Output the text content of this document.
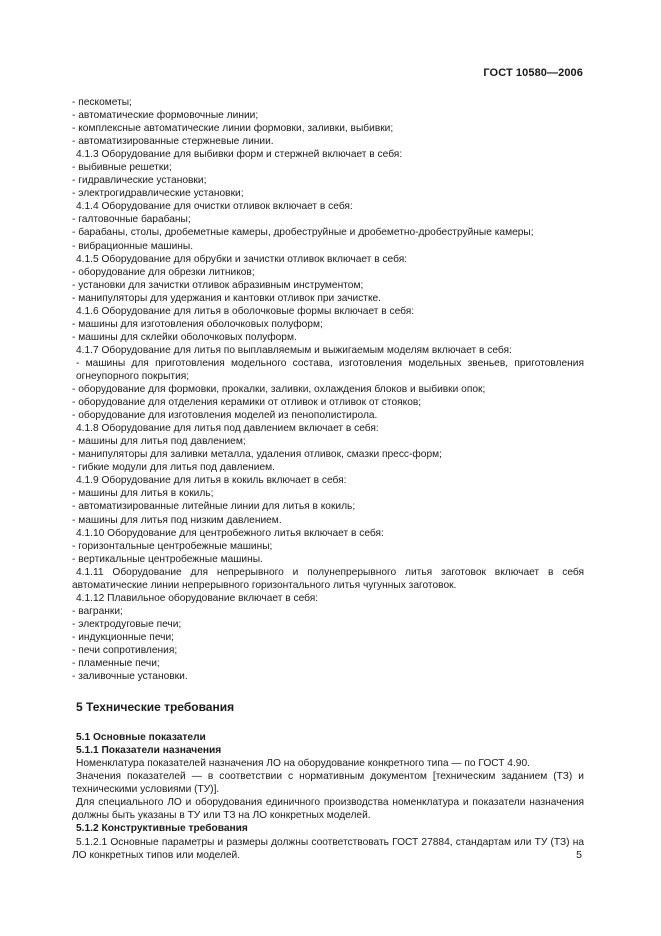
ГОСТ 10580—2006
- пескометы;
- автоматические формовочные линии;
- комплексные автоматические линии формовки, заливки, выбивки;
- автоматизированные стержневые линии.
4.1.3 Оборудование для выбивки форм и стержней включает в себя:
- выбивные решетки;
- гидравлические установки;
- электрогидравлические установки;
4.1.4 Оборудование для очистки отливок включает в себя:
- галтовочные барабаны;
- барабаны, столы, дробеметные камеры, дробеструйные и дробеметно-дробеструйные камеры;
- вибрационные машины.
4.1.5 Оборудование для обрубки и зачистки отливок включает в себя:
- оборудование для обрезки литников;
- установки для зачистки отливок абразивным инструментом;
- манипуляторы для удержания и кантовки отливок при зачистке.
4.1.6 Оборудование для литья в оболочковые формы включает в себя:
- машины для изготовления оболочковых полуформ;
- машины для склейки оболочковых полуформ.
4.1.7 Оборудование для литья по выплавляемым и выжигаемым моделям включает в себя:
- машины для приготовления модельного состава, изготовления модельных звеньев, приготовления огнеупорного покрытия;
- оборудование для формовки, прокалки, заливки, охлаждения блоков и выбивки опок;
- оборудование для отделения керамики от отливок и отливок от стояков;
- оборудование для изготовления моделей из пенополистирола.
4.1.8 Оборудование для литья под давлением включает в себя:
- машины для литья под давлением;
- манипуляторы для заливки металла, удаления отливок, смазки пресс-форм;
- гибкие модули для литья под давлением.
4.1.9 Оборудование для литья в кокиль включает в себя:
- машины для литья в кокиль;
- автоматизированные литейные линии для литья в кокиль;
- машины для литья под низким давлением.
4.1.10 Оборудование для центробежного литья включает в себя:
- горизонтальные центробежные машины;
- вертикальные центробежные машины.
4.1.11 Оборудование для непрерывного и полунепрерывного литья заготовок включает в себя автоматические линии непрерывного горизонтального литья чугунных заготовок.
4.1.12 Плавильное оборудование включает в себя:
- вагранки;
- электродуговые печи;
- индукционные печи;
- печи сопротивления;
- пламенные печи;
- заливочные установки.
5 Технические требования
5.1 Основные показатели
5.1.1 Показатели назначения
Номенклатура показателей назначения ЛО на оборудование конкретного типа — по ГОСТ 4.90.
Значения показателей — в соответствии с нормативным документом [техническим заданием (ТЗ) и техническими условиями (ТУ)].
Для специального ЛО и оборудования единичного производства номенклатура и показатели назначения должны быть указаны в ТУ или ТЗ на ЛО конкретных моделей.
5.1.2 Конструктивные требования
5.1.2.1 Основные параметры и размеры должны соответствовать ГОСТ 27884, стандартам или ТУ (ТЗ) на ЛО конкретных типов или моделей.	5
